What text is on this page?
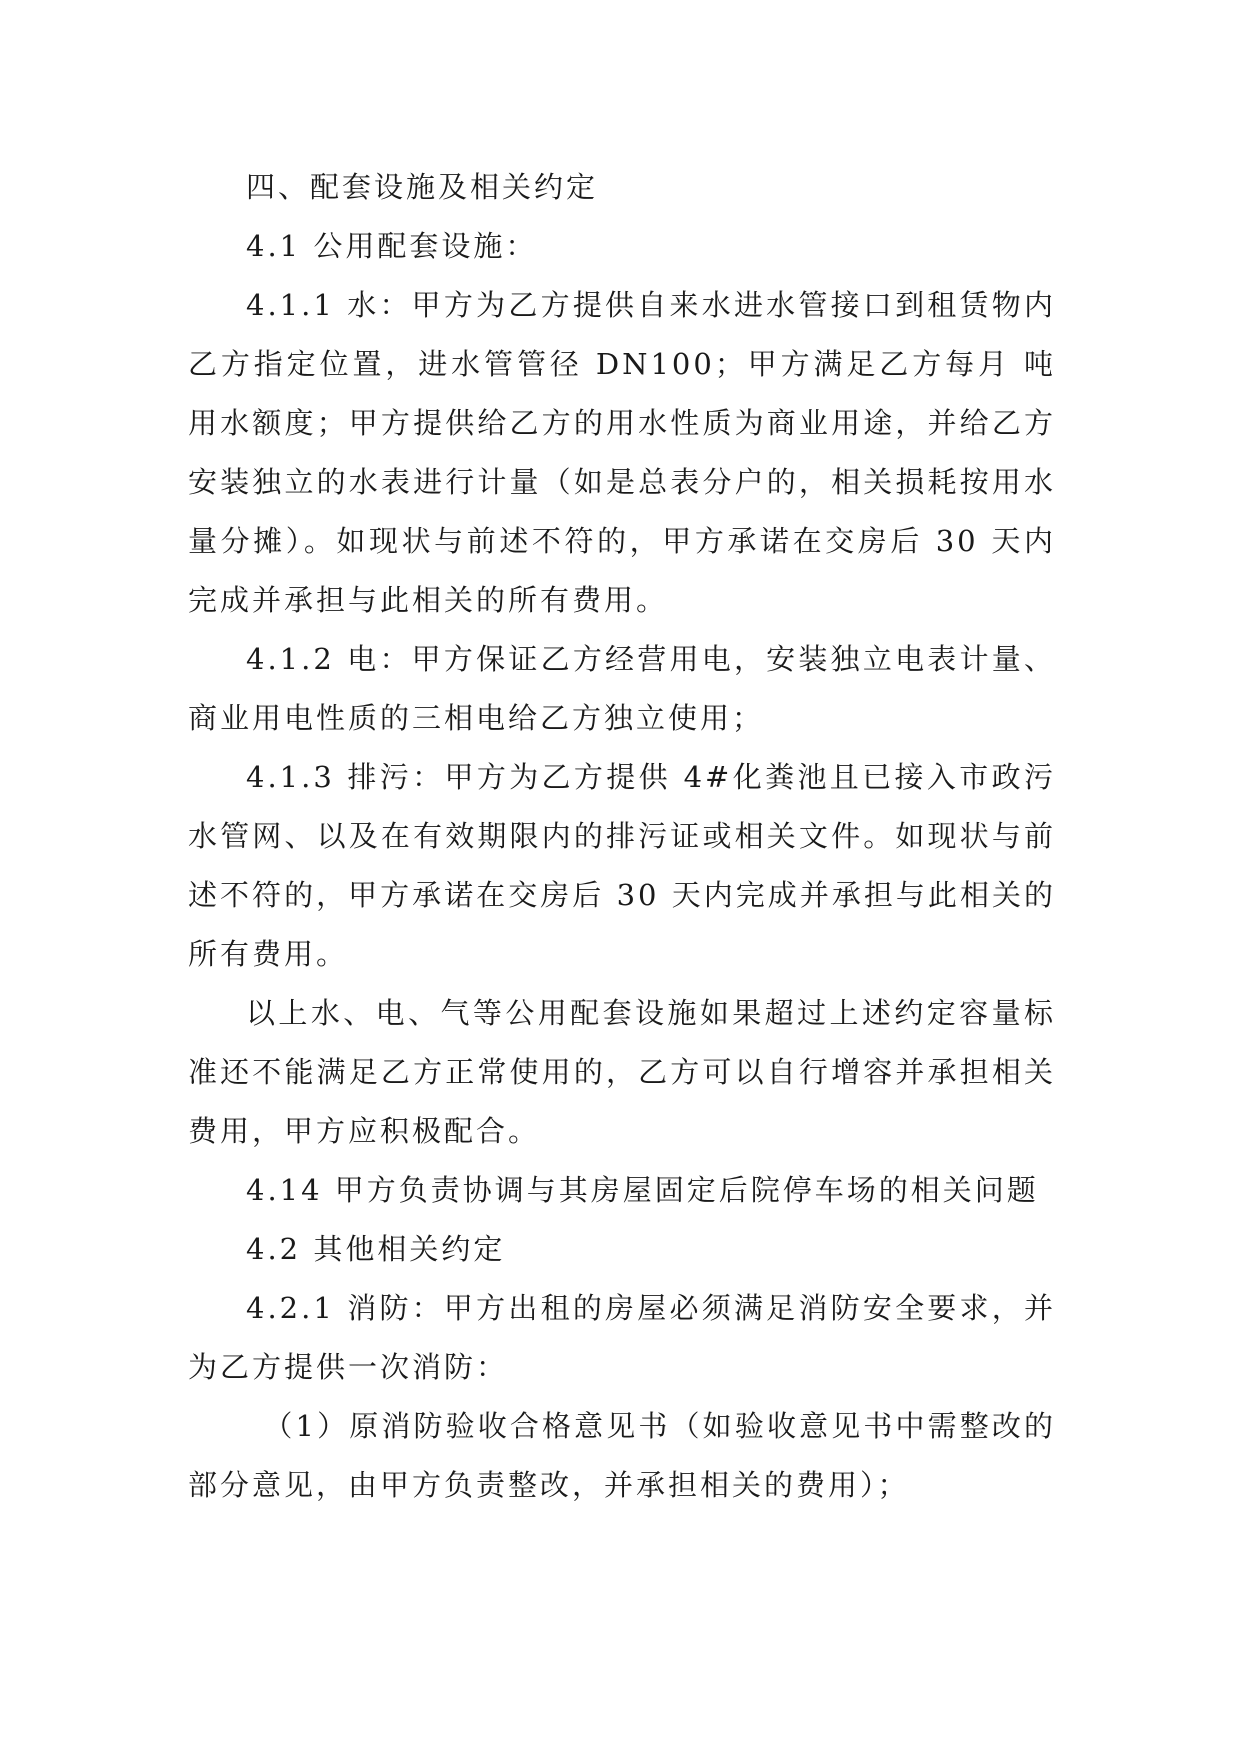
四、配套设施及相关约定

4.1 公用配套设施：

4.1.1 水：甲方为乙方提供自来水进水管接口到租赁物内乙方指定位置，进水管管径 DN100；甲方满足乙方每月 吨用水额度；甲方提供给乙方的用水性质为商业用途，并给乙方安装独立的水表进行计量（如是总表分户的，相关损耗按用水量分摊）。如现状与前述不符的，甲方承诺在交房后 30 天内完成并承担与此相关的所有费用。

4.1.2 电：甲方保证乙方经营用电，安装独立电表计量、商业用电性质的三相电给乙方独立使用；

4.1.3 排污：甲方为乙方提供 4#化粪池且已接入市政污水管网、以及在有效期限内的排污证或相关文件。如现状与前述不符的，甲方承诺在交房后 30 天内完成并承担与此相关的所有费用。

以上水、电、气等公用配套设施如果超过上述约定容量标准还不能满足乙方正常使用的，乙方可以自行增容并承担相关费用，甲方应积极配合。

4.14 甲方负责协调与其房屋固定后院停车场的相关问题

4.2 其他相关约定

4.2.1 消防：甲方出租的房屋必须满足消防安全要求，并为乙方提供一次消防：

（1）原消防验收合格意见书（如验收意见书中需整改的部分意见，由甲方负责整改，并承担相关的费用）；
